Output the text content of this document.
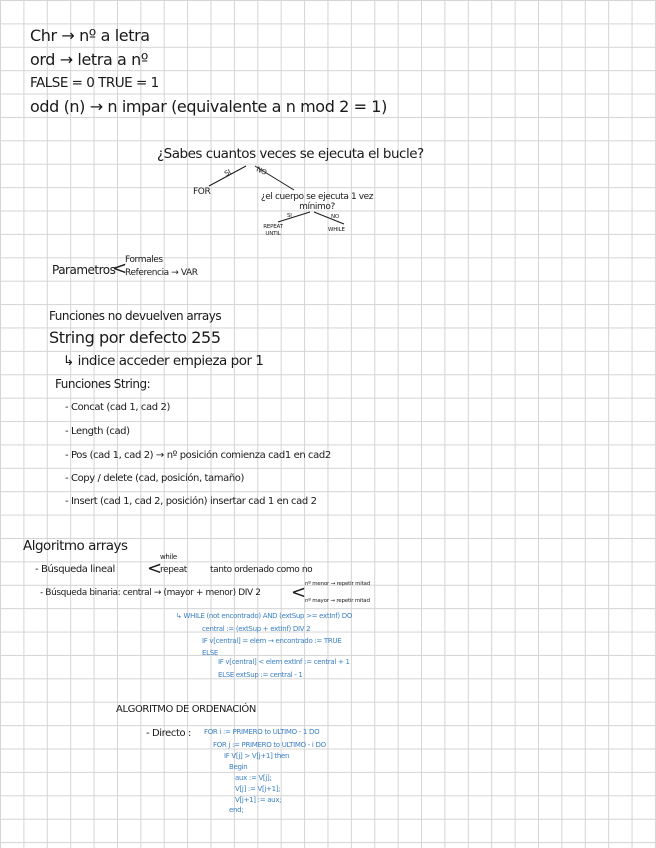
Chr → nº a letra
ord → letra a nº
FALSE = 0 TRUE = 1
odd (n) → n impar (equivalente a n mod 2 = 1)
¿Sabes cuantos veces se ejecuta el bucle?
SI	NO
FOR	¿el cuerpo se ejecuta 1 vez mínimo?
SI	NO
REPEAT UNTIL
WHILE
Parametros
<
Formales
Referencia → VAR
Funciones no devuelven arrays
String por defecto 255
↳ indice acceder empieza por 1
Funciones String:
- Concat (cad 1, cad 2)
- Length (cad)
- Pos (cad 1, cad 2) → nº posición comienza cad1 en cad2
- Copy / delete (cad, posición, tamaño)
- Insert (cad 1, cad 2, posición) insertar cad 1 en cad 2
Algoritmo arrays
- Búsqueda lineal <
while
repeat	tanto ordenado como no
- Búsqueda binaria: central → (mayor + menor) DIV 2 < nº menor → repetir mitad
nº mayor → repetir mitad
↳ WHILE (not encontrado) AND (extSup >= extInf) DO
central := (extSup + extInf) DIV 2
IF v[central] = elem → encontrado := TRUE
ELSE
IF v[central] < elem extInf := central + 1
ELSE extSup := central - 1
ALGORITMO DE ORDENACIÓN
- Directo : FOR i := PRIMERO to ULTIMO - 1 DO
FOR j := PRIMERO to ULTIMO - i DO
IF V[j] > V[j+1] then
Begin
aux := V[j];
V[j] := V[j+1];
V[j+1] := aux;
end;
